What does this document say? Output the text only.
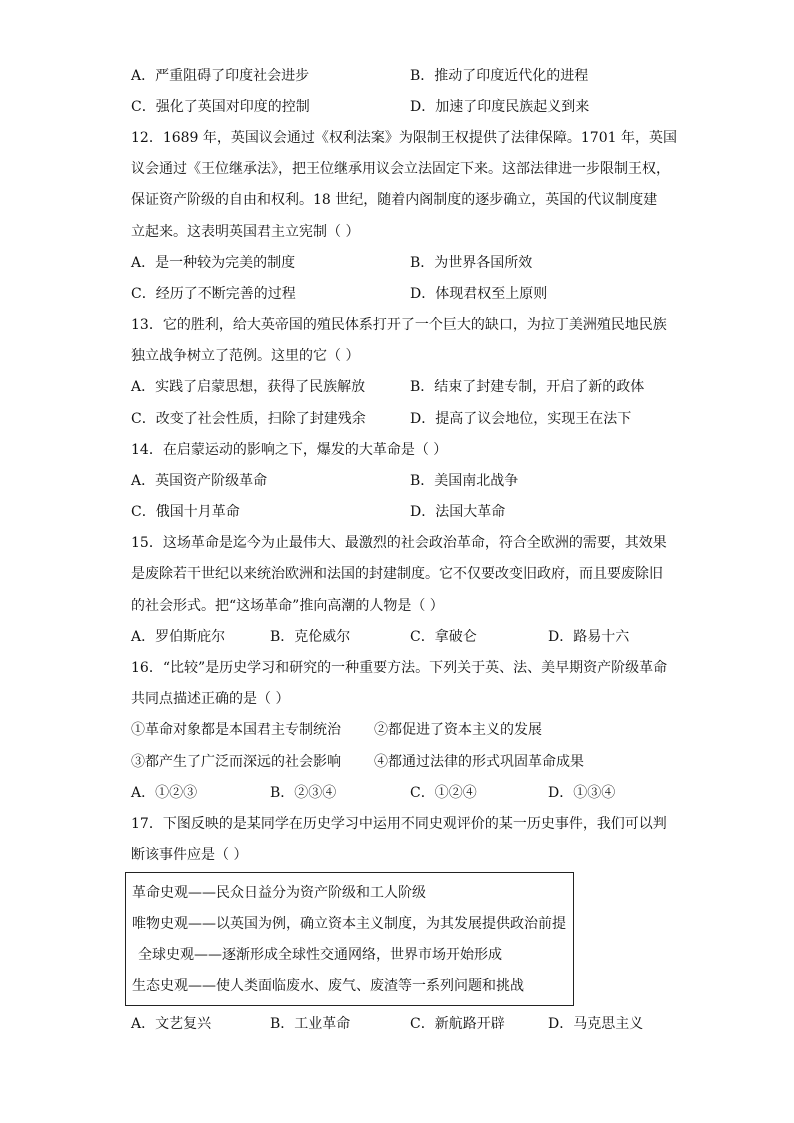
A．严重阻碍了印度社会进步	B．推动了印度近代化的进程
C．强化了英国对印度的控制	D．加速了印度民族起义到来
12．1689 年，英国议会通过《权利法案》为限制王权提供了法律保障。1701 年，英国
议会通过《王位继承法》，把王位继承用议会立法固定下来。这部法律进一步限制王权，
保证资产阶级的自由和权利。18 世纪，随着内阁制度的逐步确立，英国的代议制度建
立起来。这表明英国君主立宪制（ ）
A．是一种较为完美的制度	B．为世界各国所效
C．经历了不断完善的过程	D．体现君权至上原则
13．它的胜利，给大英帝国的殖民体系打开了一个巨大的缺口，为拉丁美洲殖民地民族
独立战争树立了范例。这里的它（ ）
A．实践了启蒙思想，获得了民族解放	B．结束了封建专制，开启了新的政体
C．改变了社会性质，扫除了封建残余	D．提高了议会地位，实现王在法下
14．在启蒙运动的影响之下，爆发的大革命是（ ）
A．英国资产阶级革命	B．美国南北战争
C．俄国十月革命	D．法国大革命
15．这场革命是迄今为止最伟大、最激烈的社会政治革命，符合全欧洲的需要，其效果
是废除若干世纪以来统治欧洲和法国的封建制度。它不仅要改变旧政府，而且要废除旧
的社会形式。把“这场革命”推向高潮的人物是（ ）
A．罗伯斯庇尔	B．克伦威尔	C．拿破仑	D．路易十六
16．“比较”是历史学习和研究的一种重要方法。下列关于英、法、美早期资产阶级革命
共同点描述正确的是（ ）
①革命对象都是本国君主专制统治 ②都促进了资本主义的发展
③都产生了广泛而深远的社会影响 ④都通过法律的形式巩固革命成果
A．①②③	B．②③④	C．①②④	D．①③④
17．下图反映的是某同学在历史学习中运用不同史观评价的某一历史事件，我们可以判
断该事件应是（ ）
革命史观——民众日益分为资产阶级和工人阶级
唯物史观——以英国为例，确立资本主义制度，为其发展提供政治前提
全球史观——逐渐形成全球性交通网络，世界市场开始形成
生态史观——使人类面临废水、废气、废渣等一系列问题和挑战
A．文艺复兴	B．工业革命	C．新航路开辟	D．马克思主义
